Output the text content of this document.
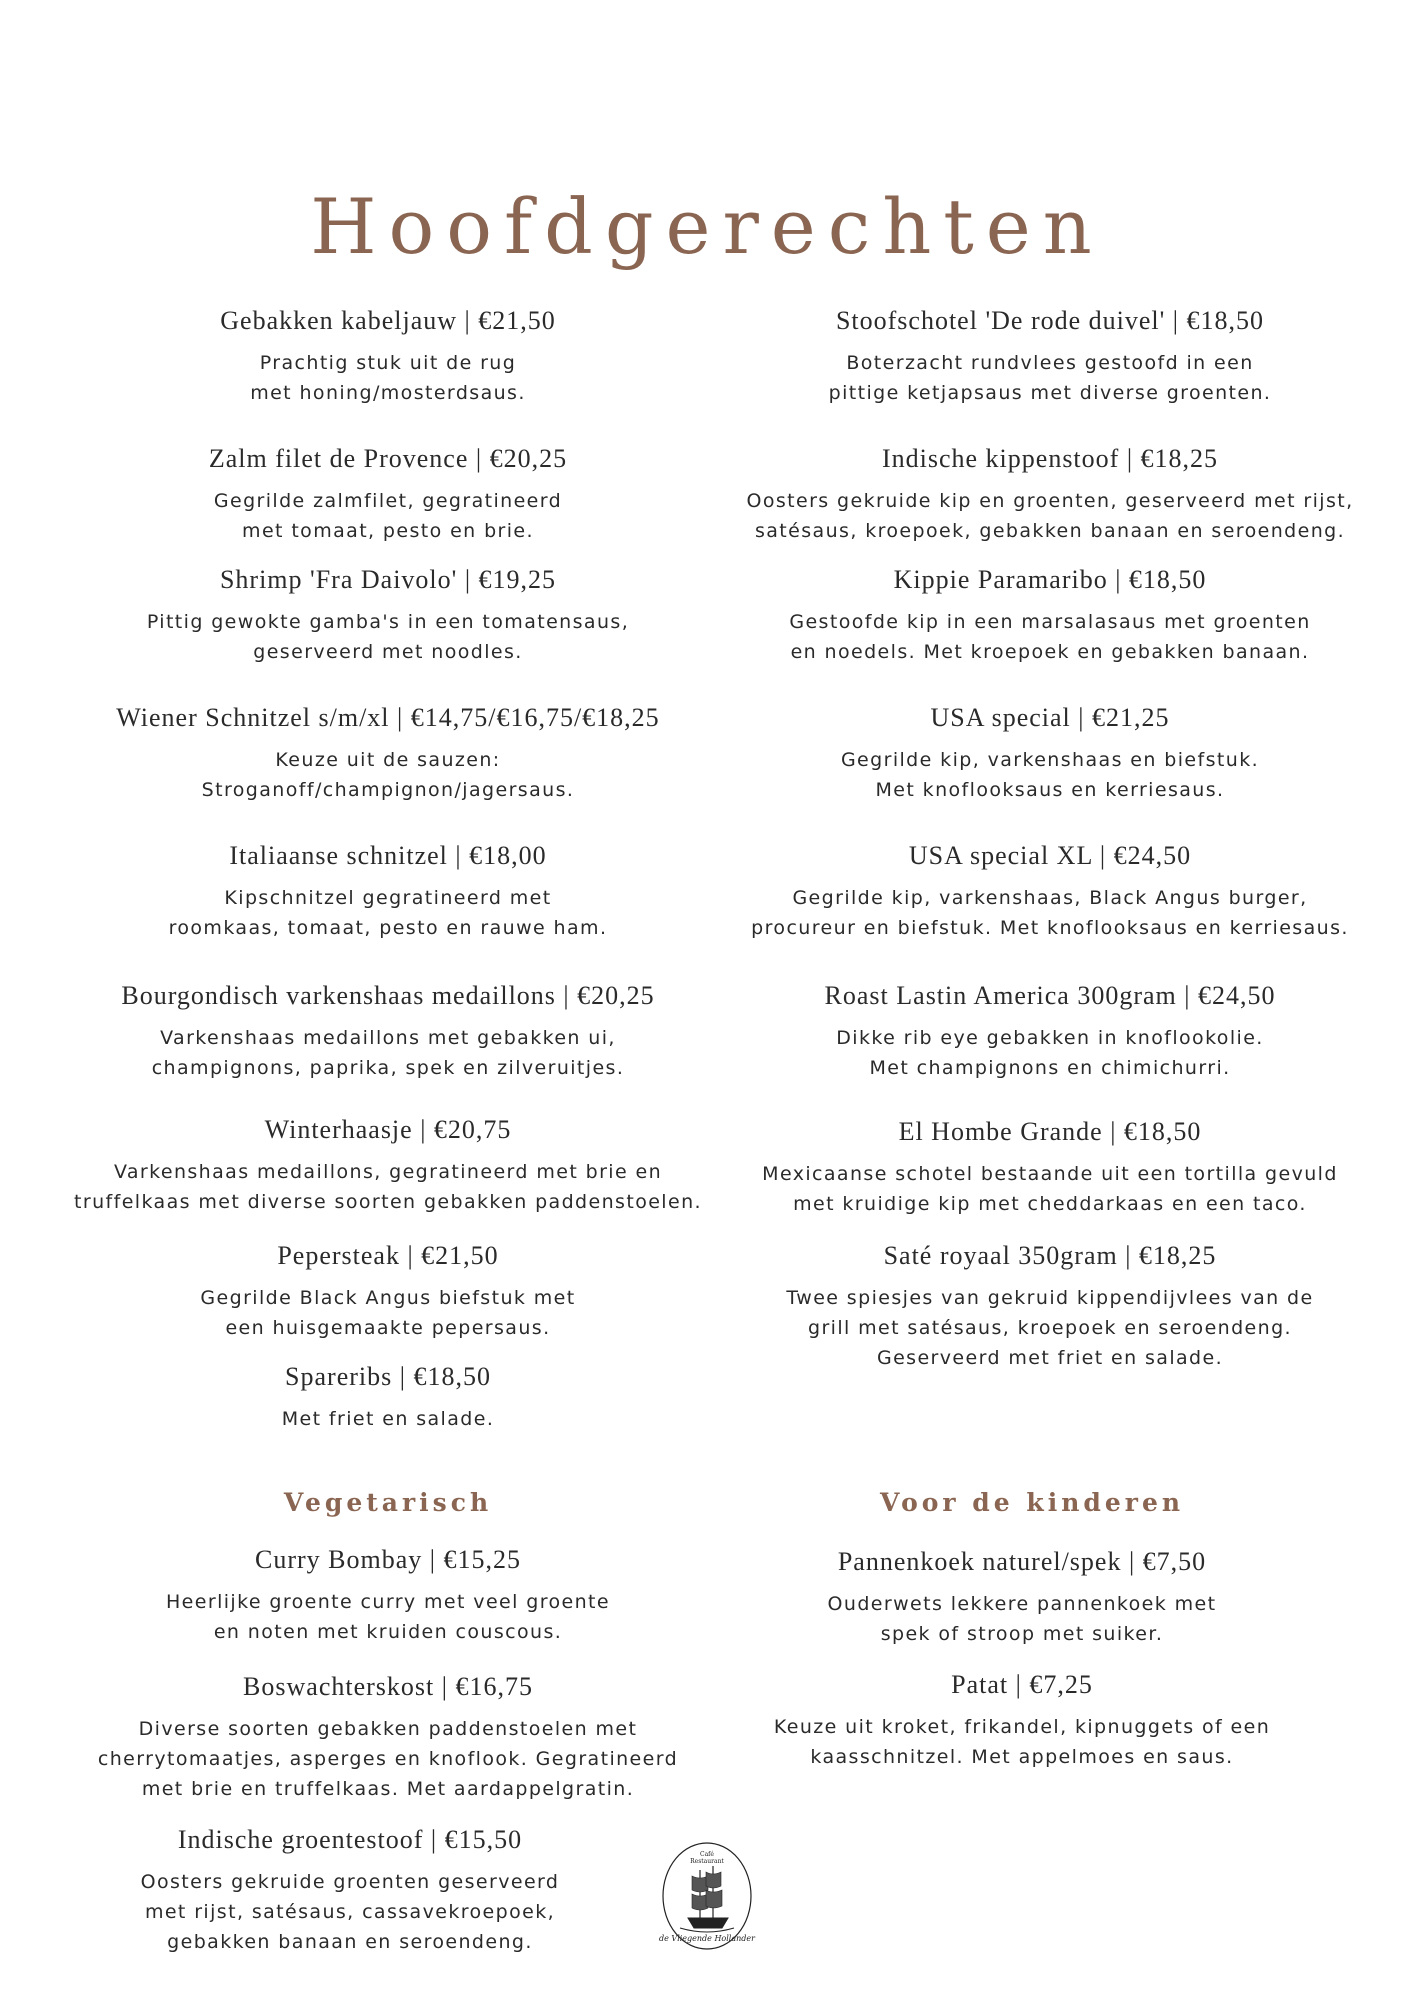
Hoofdgerechten
Gebakken kabeljauw | €21,50
Prachtig stuk uit de rug
met honing/mosterdsaus.
Zalm filet de Provence | €20,25
Gegrilde zalmfilet, gegratineerd
met tomaat, pesto en brie.
Shrimp 'Fra Daivolo' | €19,25
Pittig gewokte gamba's in een tomatensaus,
geserveerd met noodles.
Wiener Schnitzel s/m/xl | €14,75/€16,75/€18,25
Keuze uit de sauzen:
Stroganoff/champignon/jagersaus.
Italiaanse schnitzel | €18,00
Kipschnitzel gegratineerd met
roomkaas, tomaat, pesto en rauwe ham.
Bourgondisch varkenshaas medaillons | €20,25
Varkenshaas medaillons met gebakken ui,
champignons, paprika, spek en zilveruitjes.
Winterhaasje | €20,75
Varkenshaas medaillons, gegratineerd met brie en
truffelkaas met diverse soorten gebakken paddenstoelen.
Pepersteak | €21,50
Gegrilde Black Angus biefstuk met
een huisgemaakte pepersaus.
Spareribs | €18,50
Met friet en salade.
Stoofschotel 'De rode duivel' | €18,50
Boterzacht rundvlees gestoofd in een
pittige ketjapsaus met diverse groenten.
Indische kippenstoof | €18,25
Oosters gekruide kip en groenten, geserveerd met rijst,
satésaus, kroepoek, gebakken banaan en seroendeng.
Kippie Paramaribo | €18,50
Gestoofde kip in een marsalasaus met groenten
en noedels. Met kroepoek en gebakken banaan.
USA special | €21,25
Gegrilde kip, varkenshaas en biefstuk.
Met knoflooksaus en kerriesaus.
USA special XL | €24,50
Gegrilde kip, varkenshaas, Black Angus burger,
procureur en biefstuk. Met knoflooksaus en kerriesaus.
Roast Lastin America 300gram | €24,50
Dikke rib eye gebakken in knoflookolie.
Met champignons en chimichurri.
El Hombe Grande | €18,50
Mexicaanse schotel bestaande uit een tortilla gevuld
met kruidige kip met cheddarkaas en een taco.
Saté royaal 350gram | €18,25
Twee spiesjes van gekruid kippendijvlees van de
grill met satésaus, kroepoek en seroendeng.
Geserveerd met friet en salade.
Vegetarisch
Curry Bombay | €15,25
Heerlijke groente curry met veel groente
en noten met kruiden couscous.
Boswachterskost | €16,75
Diverse soorten gebakken paddenstoelen met
cherrytomaatjes, asperges en knoflook. Gegratineerd
met brie en truffelkaas. Met aardappelgratin.
Indische groentestoof | €15,50
Oosters gekruide groenten geserveerd
met rijst, satésaus, cassavekroepoek,
gebakken banaan en seroendeng.
Voor de kinderen
Pannenkoek naturel/spek | €7,50
Ouderwets lekkere pannenkoek met
spek of stroop met suiker.
Patat | €7,25
Keuze uit kroket, frikandel, kipnuggets of een
kaasschnitzel. Met appelmoes en saus.
Café
Restaurant
de Vliegende Hollander
